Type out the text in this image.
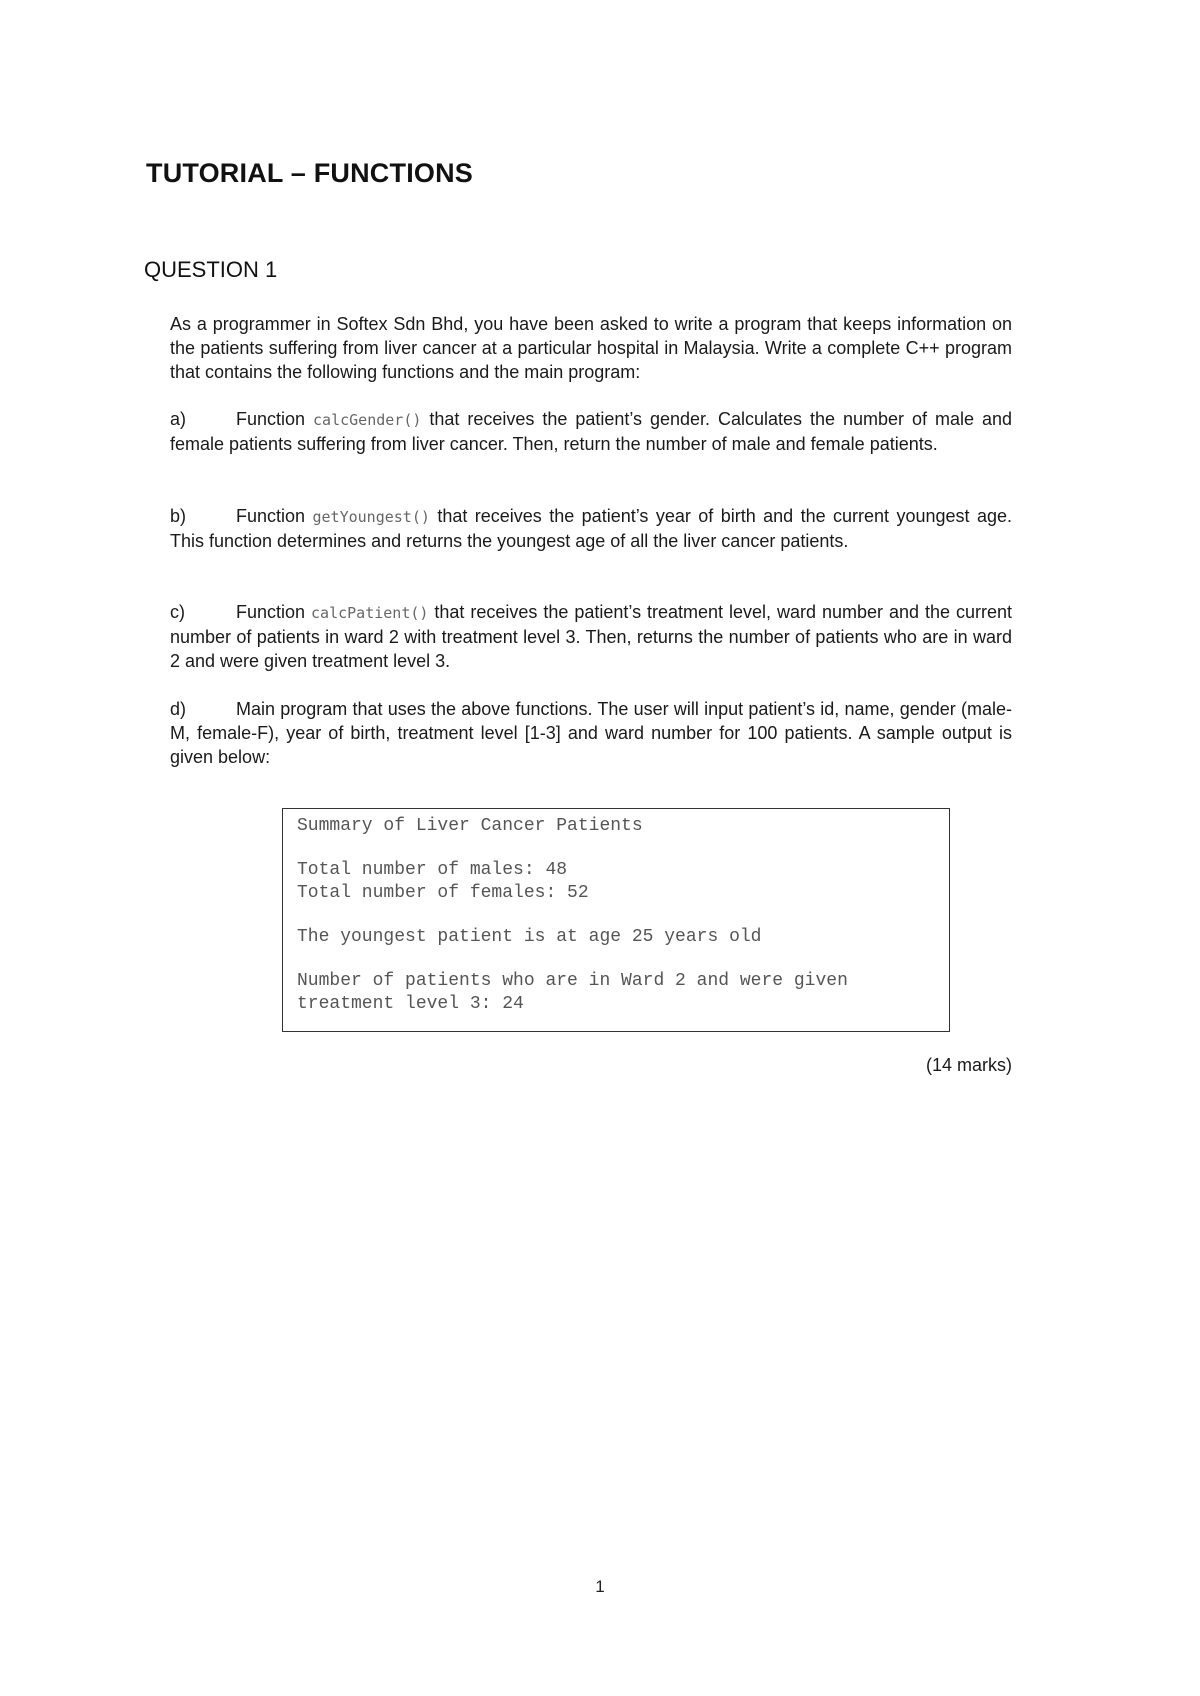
TUTORIAL – FUNCTIONS
QUESTION 1
As a programmer in Softex Sdn Bhd, you have been asked to write a program that keeps information on the patients suffering from liver cancer at a particular hospital in Malaysia. Write a complete C++ program that contains the following functions and the main program:
a)	Function calcGender() that receives the patient’s gender. Calculates the number of male and female patients suffering from liver cancer. Then, return the number of male and female patients.
b)	Function getYoungest() that receives the patient’s year of birth and the current youngest age. This function determines and returns the youngest age of all the liver cancer patients.
c)	Function calcPatient() that receives the patient’s treatment level, ward number and the current number of patients in ward 2 with treatment level 3. Then, returns the number of patients who are in ward 2 and were given treatment level 3.
d)	Main program that uses the above functions. The user will input patient’s id, name, gender (male-M, female-F), year of birth, treatment level [1-3] and ward number for 100 patients. A sample output is given below:
Summary of Liver Cancer Patients
Total number of males: 48
Total number of females: 52
The youngest patient is at age 25 years old
Number of patients who are in Ward 2 and were given
treatment level 3: 24
(14 marks)
1
